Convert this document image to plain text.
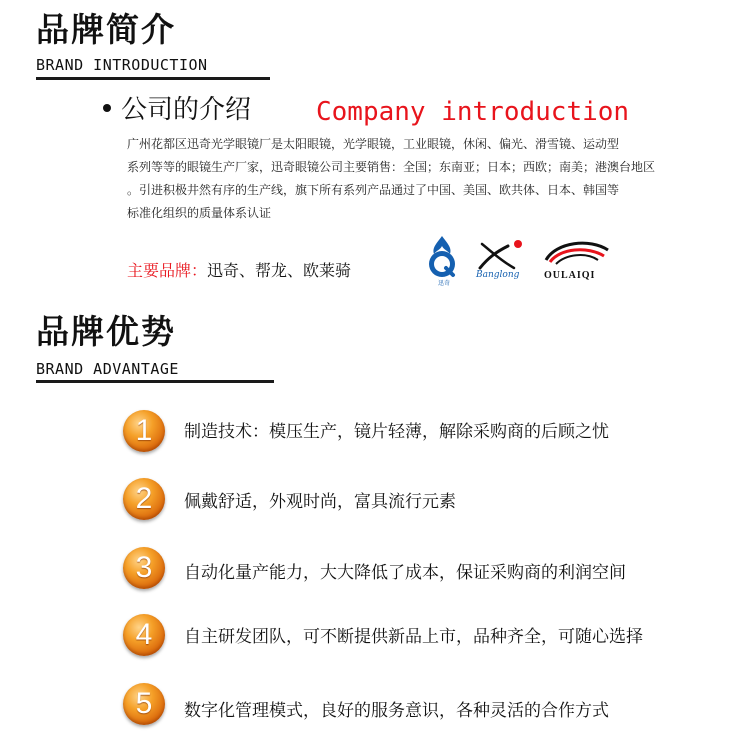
品牌简介
BRAND INTRODUCTION
公司的介绍 Company introduction
广州花都区迅奇光学眼镜厂是太阳眼镜，光学眼镜，工业眼镜，休闲、偏光、滑雪镜、运动型
系列等等的眼镜生产厂家，迅奇眼镜公司主要销售：全国；东南亚；日本；西欧；南美；港澳台地区
。引进积极井然有序的生产线，旗下所有系列产品通过了中国、美国、欧共体、日本、韩国等
标准化组织的质量体系认证
主要品牌：迅奇、帮龙、欧莱骑
迅奇
Banglong OULAIQI
品牌优势
BRAND ADVANTAGE
1 制造技术：模压生产，镜片轻薄，解除采购商的后顾之忧
2 佩戴舒适，外观时尚，富具流行元素
3 自动化量产能力，大大降低了成本，保证采购商的利润空间
4 自主研发团队，可不断提供新品上市，品种齐全，可随心选择
5 数字化管理模式，良好的服务意识，各种灵活的合作方式
